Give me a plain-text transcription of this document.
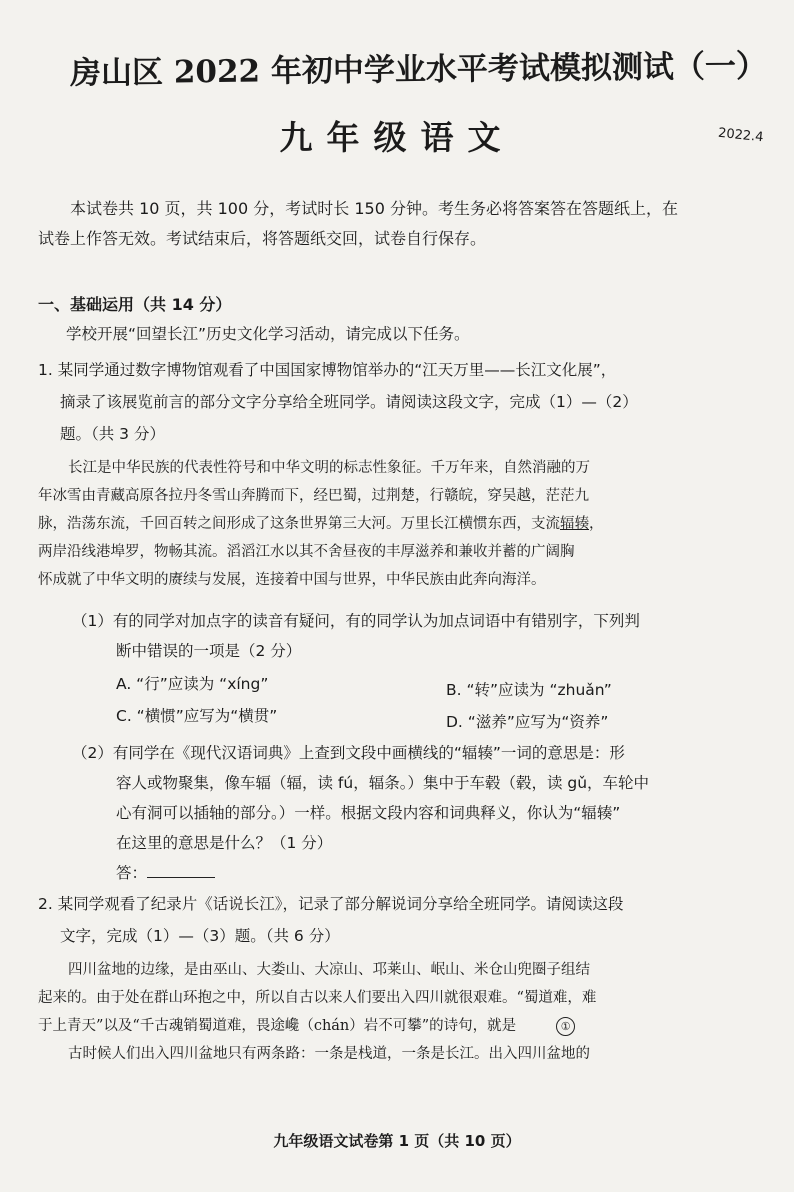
房山区 2022 年初中学业水平考试模拟测试（一）
九年级语文	2022.4

本试卷共 10 页，共 100 分，考试时长 150 分钟。考生务必将答案答在答题纸上，在

试卷上作答无效。考试结束后，将答题纸交回，试卷自行保存。

一、基础运用（共 14 分）

学校开展“回望长江”历史文化学习活动，请完成以下任务。

1. 某同学通过数字博物馆观看了中国国家博物馆举办的“江天万里——长江文化展”，

摘录了该展览前言的部分文字分享给全班同学。请阅读这段文字，完成（1）—（2）

题。（共 3 分）

长江是中华民族的代表性符号和中华文明的标志性象征。千万年来，自然消融的万

年冰雪由青藏高原各拉丹冬雪山奔腾而下，经巴蜀，过荆楚，行赣皖，穿吴越，茫茫九

脉，浩荡东流，千回百转之间形成了这条世界第三大河。万里长江横惯东西，支流辐辏，

两岸沿线港埠罗，物畅其流。滔滔江水以其不舍昼夜的丰厚滋养和兼收并蓄的广阔胸

怀成就了中华文明的赓续与发展，连接着中国与世界，中华民族由此奔向海洋。

（1）有的同学对加点字的读音有疑问，有的同学认为加点词语中有错别字，下列判

断中错误的一项是（2 分）

A. “行”应读为 “xíng”	B. “转”应读为 “zhuǎn”
C. “横惯”应写为“横贯”	D. “滋养”应写为“资养”

（2）有同学在《现代汉语词典》上查到文段中画横线的“辐辏”一词的意思是：形

容人或物聚集，像车辐（辐，读 fú，辐条。）集中于车毂（毂，读 gǔ，车轮中

心有洞可以插轴的部分。）一样。根据文段内容和词典释义，你认为“辐辏”

在这里的意思是什么？（1 分）

答：

2. 某同学观看了纪录片《话说长江》，记录了部分解说词分享给全班同学。请阅读这段

文字，完成（1）—（3）题。（共 6 分）

四川盆地的边缘，是由巫山、大娄山、大凉山、邛莱山、岷山、米仓山兜圈子组结

起来的。由于处在群山环抱之中，所以自古以来人们要出入四川就很艰难。“蜀道难，难

于上青天”以及“千古魂销蜀道难，畏途巉（chán）岩不可攀”的诗句，就是	①

古时候人们出入四川盆地只有两条路：一条是栈道，一条是长江。出入四川盆地的

九年级语文试卷第 1 页（共 10 页）
